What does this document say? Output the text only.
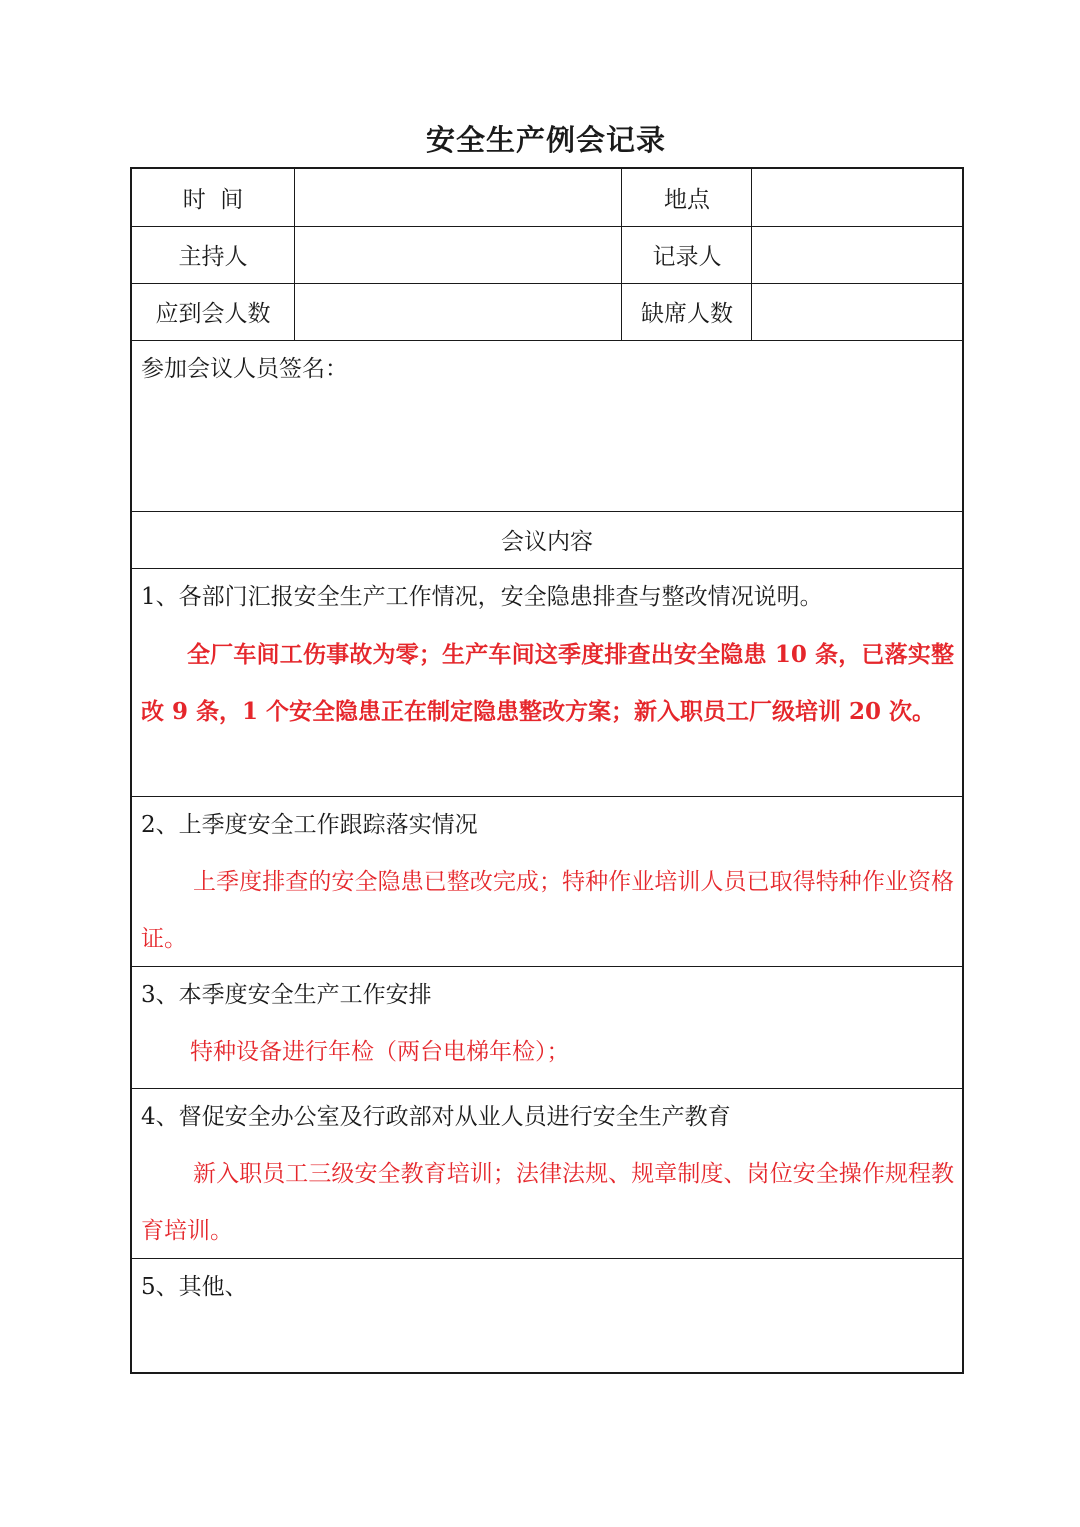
安全生产例会记录
时  间	地点
主持人	记录人
应到会人数	缺席人数
参加会议人员签名：
会议内容
1、各部门汇报安全生产工作情况，安全隐患排查与整改情况说明。
全厂车间工伤事故为零；生产车间这季度排查出安全隐患 10 条，已落实整改 9 条，1 个安全隐患正在制定隐患整改方案；新入职员工厂级培训 20 次。
2、上季度安全工作跟踪落实情况
上季度排查的安全隐患已整改完成；特种作业培训人员已取得特种作业资格证。
3、本季度安全生产工作安排
特种设备进行年检（两台电梯年检）；
4、督促安全办公室及行政部对从业人员进行安全生产教育
新入职员工三级安全教育培训；法律法规、规章制度、岗位安全操作规程教育培训。
5、其他、
